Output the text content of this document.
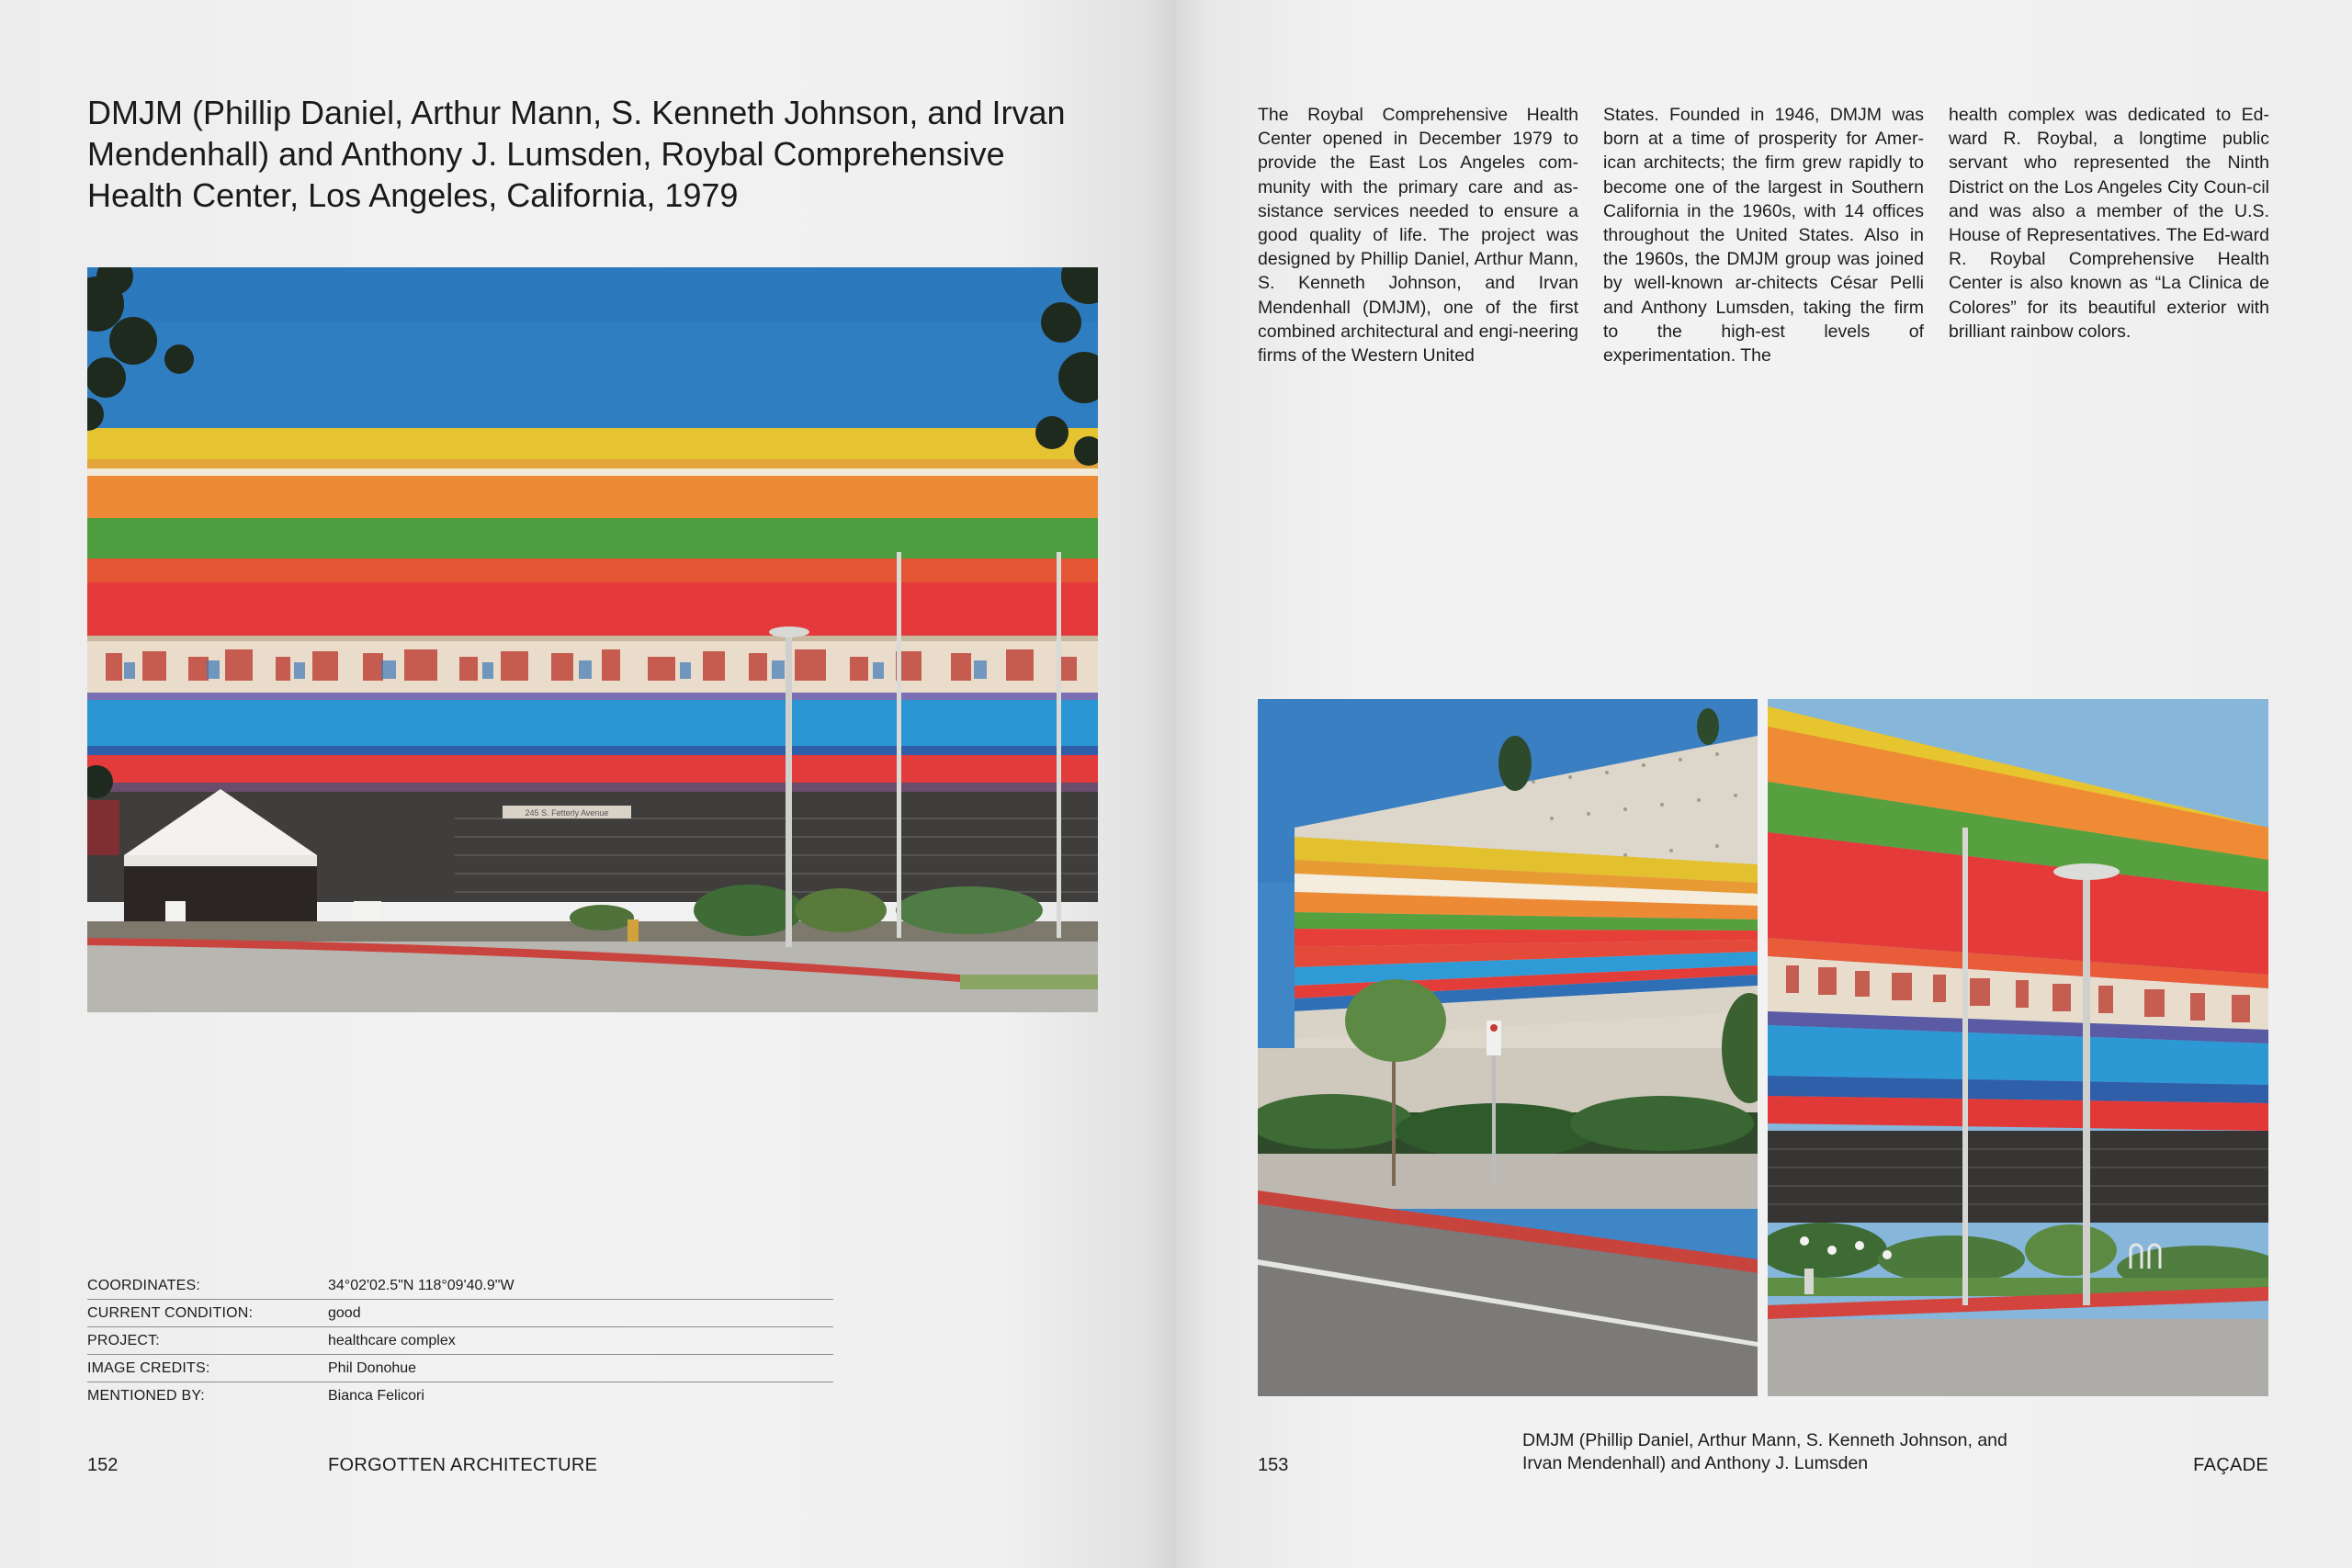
DMJM (Phillip Daniel, Arthur Mann, S. Kenneth Johnson, and Irvan Mendenhall) and Anthony J. Lumsden, Roybal Comprehensive Health Center, Los Angeles, California, 1979
245 S. Fetterly Avenue
COORDINATES:	34°02'02.5"N 118°09'40.9"W
CURRENT CONDITION:	good
PROJECT:	healthcare complex
IMAGE CREDITS:	Phil Donohue
MENTIONED BY:	Bianca Felicori
152	FORGOTTEN ARCHITECTURE

The Roybal Comprehensive Health Center opened in December 1979 to provide the East Los Angeles com-munity with the primary care and as-sistance services needed to ensure a good quality of life. The project was designed by Phillip Daniel, Arthur Mann, S. Kenneth Johnson, and Irvan Mendenhall (DMJM), one of the first combined architectural and engi-neering firms of the Western United

States. Founded in 1946, DMJM was born at a time of prosperity for Amer-ican architects; the firm grew rapidly to become one of the largest in Southern California in the 1960s, with 14 offices throughout the United States. Also in the 1960s, the DMJM group was joined by well-known ar-chitects César Pelli and Anthony Lumsden, taking the firm to the high-est levels of experimentation. The

health complex was dedicated to Ed-ward R. Roybal, a longtime public servant who represented the Ninth District on the Los Angeles City Coun-cil and was also a member of the U.S. House of Representatives. The Ed-ward R. Roybal Comprehensive Health Center is also known as “La Clinica de Colores” for its beautiful exterior with brilliant rainbow colors.

DMJM (Phillip Daniel, Arthur Mann, S. Kenneth Johnson, and Irvan Mendenhall) and Anthony J. Lumsden
153	FAÇADE
